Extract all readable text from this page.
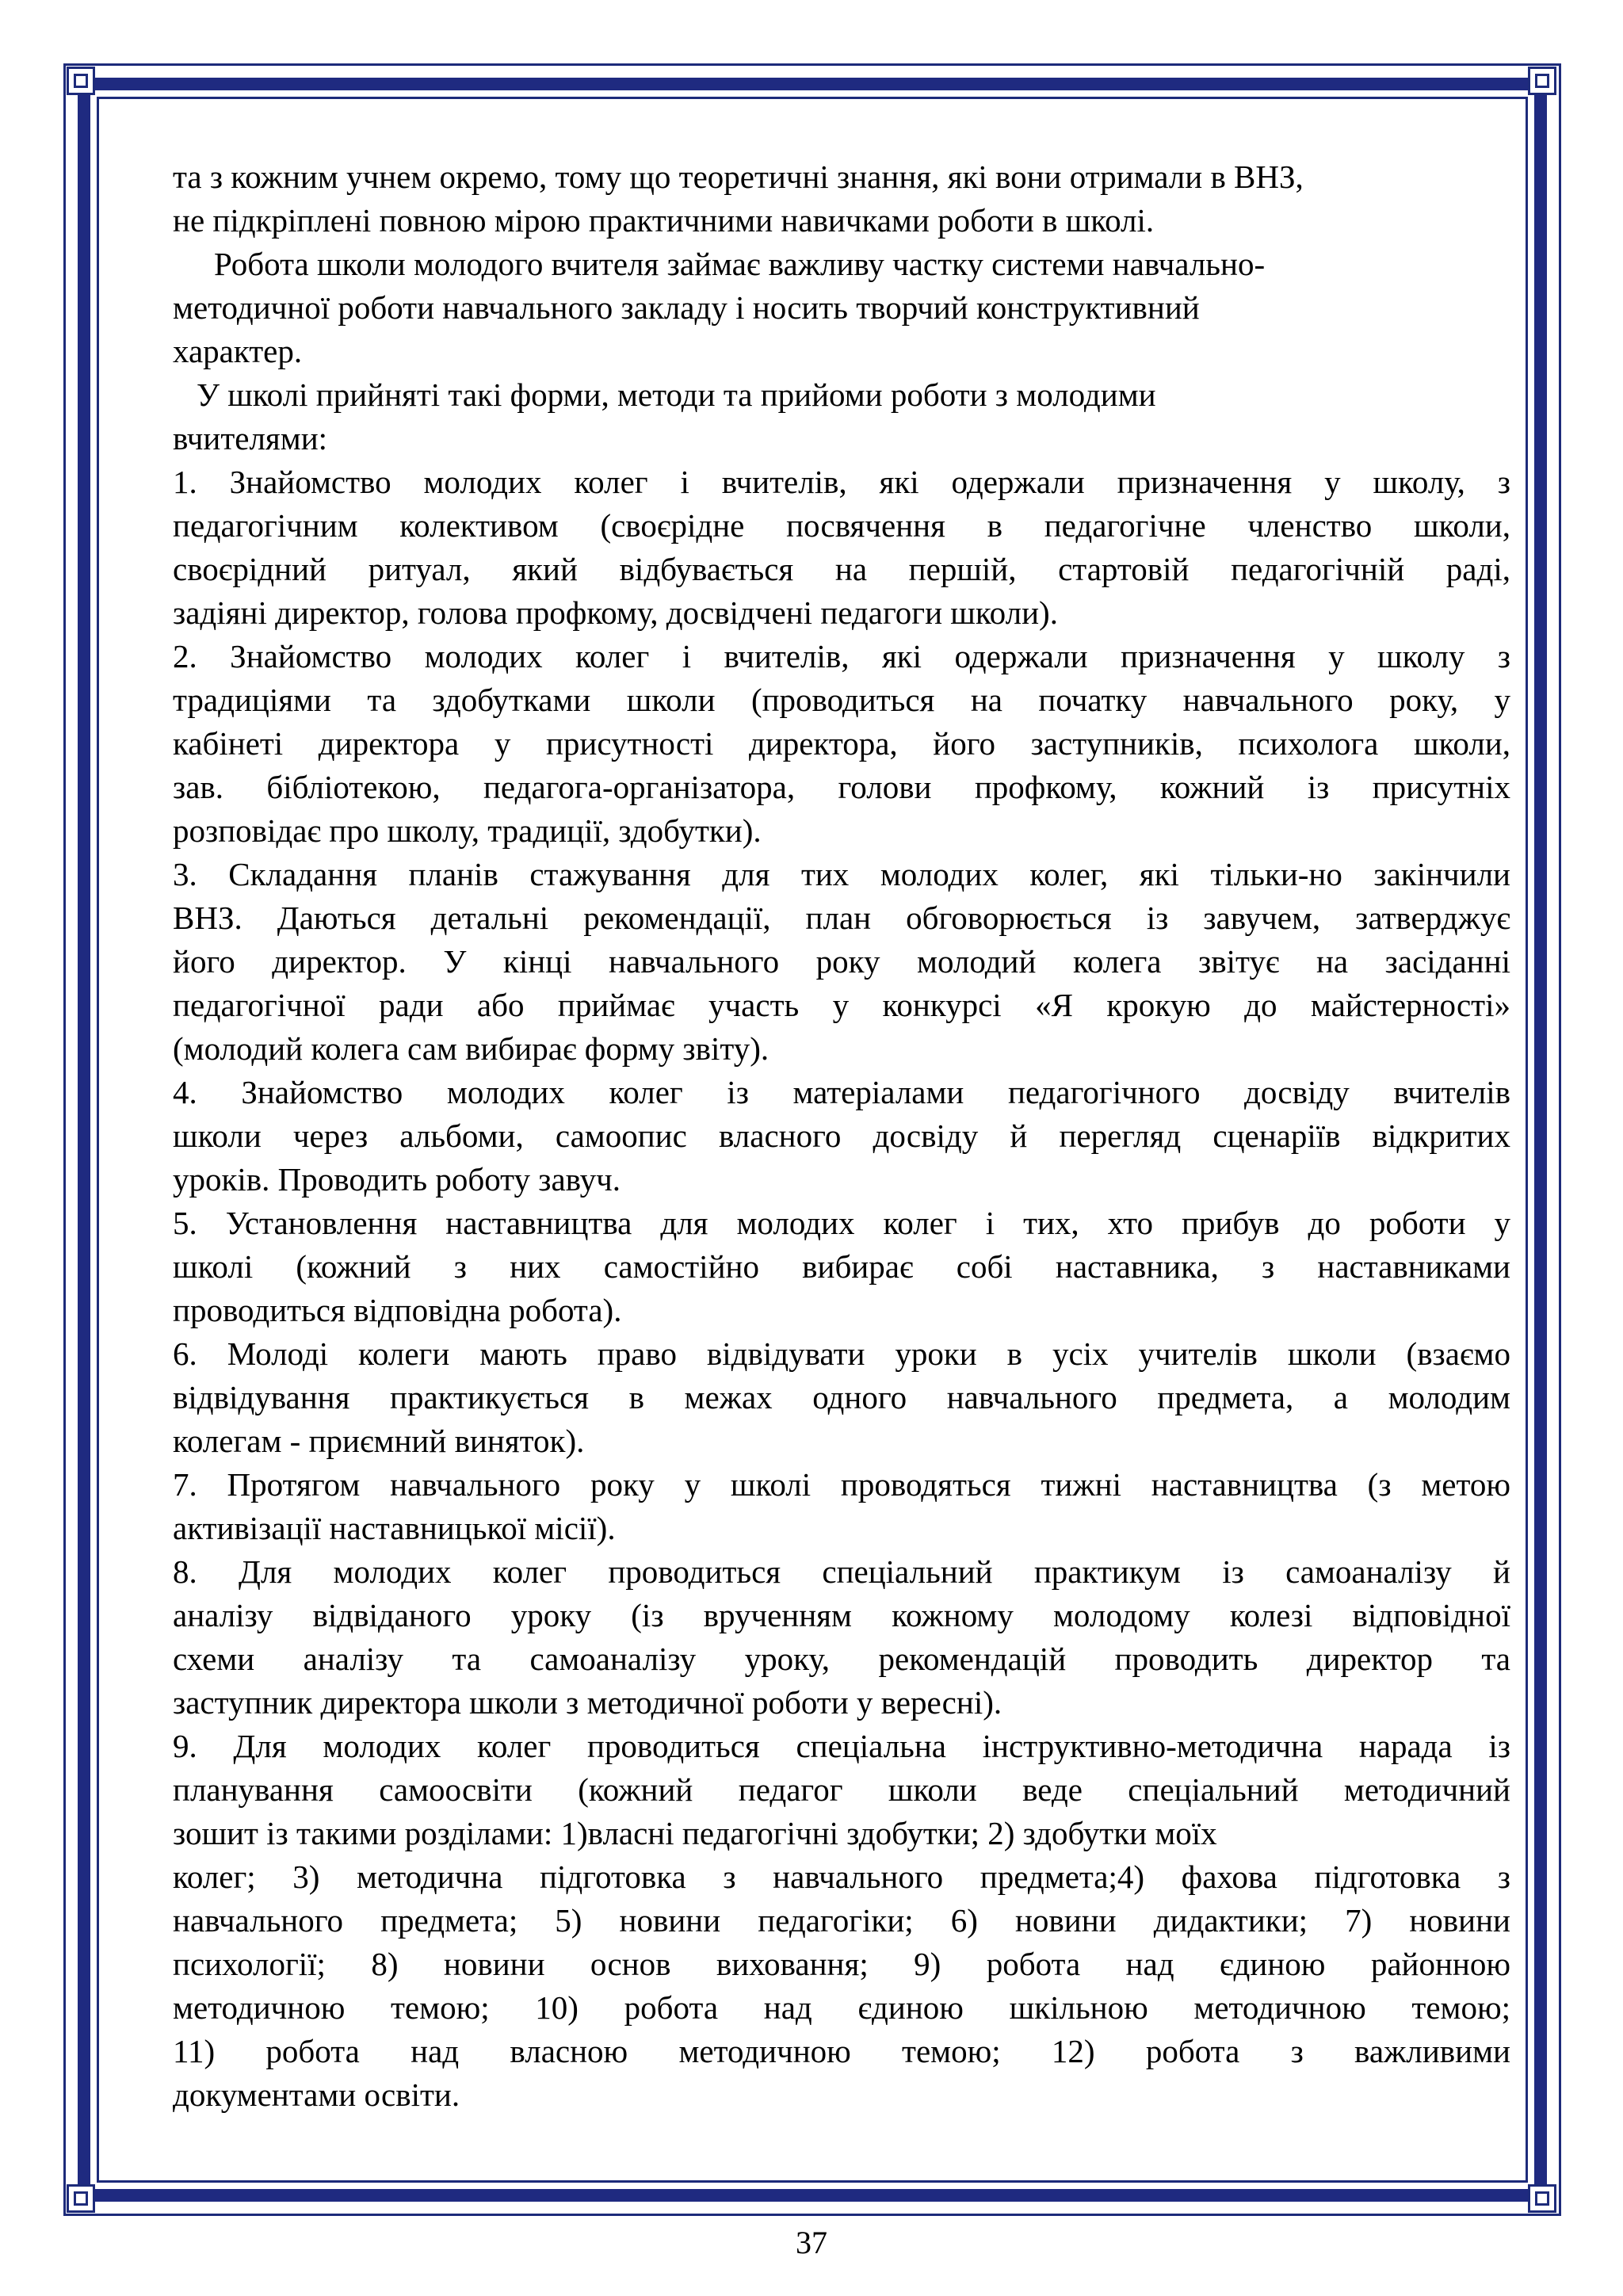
та з кожним учнем окремо, тому що теоретичні знання, які вони отримали в ВНЗ,
не підкріплені повною мірою практичними навичками роботи в школі.
Робота школи молодого вчителя займає важливу частку системи навчально-
методичної роботи навчального закладу і носить творчий конструктивний
характер.
У школі прийняті такі форми, методи та прийоми роботи з молодими
вчителями:
1. Знайомство молодих колег і вчителів, які одержали призначення у школу, з
педагогічним колективом (своєрідне посвячення в педагогічне членство школи,
своєрідний ритуал, який відбувається на першій, стартовій педагогічній раді,
задіяні директор, голова профкому, досвідчені педагоги школи).
2. Знайомство молодих колег і вчителів, які одержали призначення у школу з
традиціями та здобутками школи (проводиться на початку навчального року, у
кабінеті директора у присутності директора, його заступників, психолога школи,
зав. бібліотекою, педагога-організатора, голови профкому, кожний із присутніх
розповідає про школу, традиції, здобутки).
3. Складання планів стажування для тих молодих колег, які тільки-но закінчили
ВНЗ. Даються детальні рекомендації, план обговорюється із завучем, затверджує
його директор. У кінці навчального року молодий колега звітує на засіданні
педагогічної ради або приймає участь у конкурсі «Я крокую до майстерності»
(молодий колега сам вибирає форму звіту).
4. Знайомство молодих колег із матеріалами педагогічного досвіду вчителів
школи через альбоми, самоопис власного досвіду й перегляд сценаріїв відкритих
уроків. Проводить роботу завуч.
5. Установлення наставництва для молодих колег і тих, хто прибув до роботи у
школі (кожний з них самостійно вибирає собі наставника, з наставниками
проводиться відповідна робота).
6. Молоді колеги мають право відвідувати уроки в усіх учителів школи (взаємо
відвідування практикується в межах одного навчального предмета, а молодим
колегам - приємний виняток).
7. Протягом навчального року у школі проводяться тижні наставництва (з метою
активізації наставницької місії).
8. Для молодих колег проводиться спеціальний практикум із самоаналізу й
аналізу відвіданого уроку (із врученням кожному молодому колезі відповідної
схеми аналізу та самоаналізу уроку, рекомендацій проводить директор та
заступник директора школи з методичної роботи у вересні).
9. Для молодих колег проводиться спеціальна інструктивно-методична нарада із
планування самоосвіти (кожний педагог школи веде спеціальний методичний
зошит із такими розділами: 1)власні педагогічні здобутки; 2) здобутки моїх
колег; 3) методична підготовка з навчального предмета;4) фахова підготовка з
навчального предмета; 5) новини педагогіки; 6) новини дидактики; 7) новини
психології; 8) новини основ виховання; 9) робота над єдиною районною
методичною темою; 10) робота над єдиною шкільною методичною темою;
11) робота над власною методичною темою; 12) робота з важливими
документами освіти.
37
